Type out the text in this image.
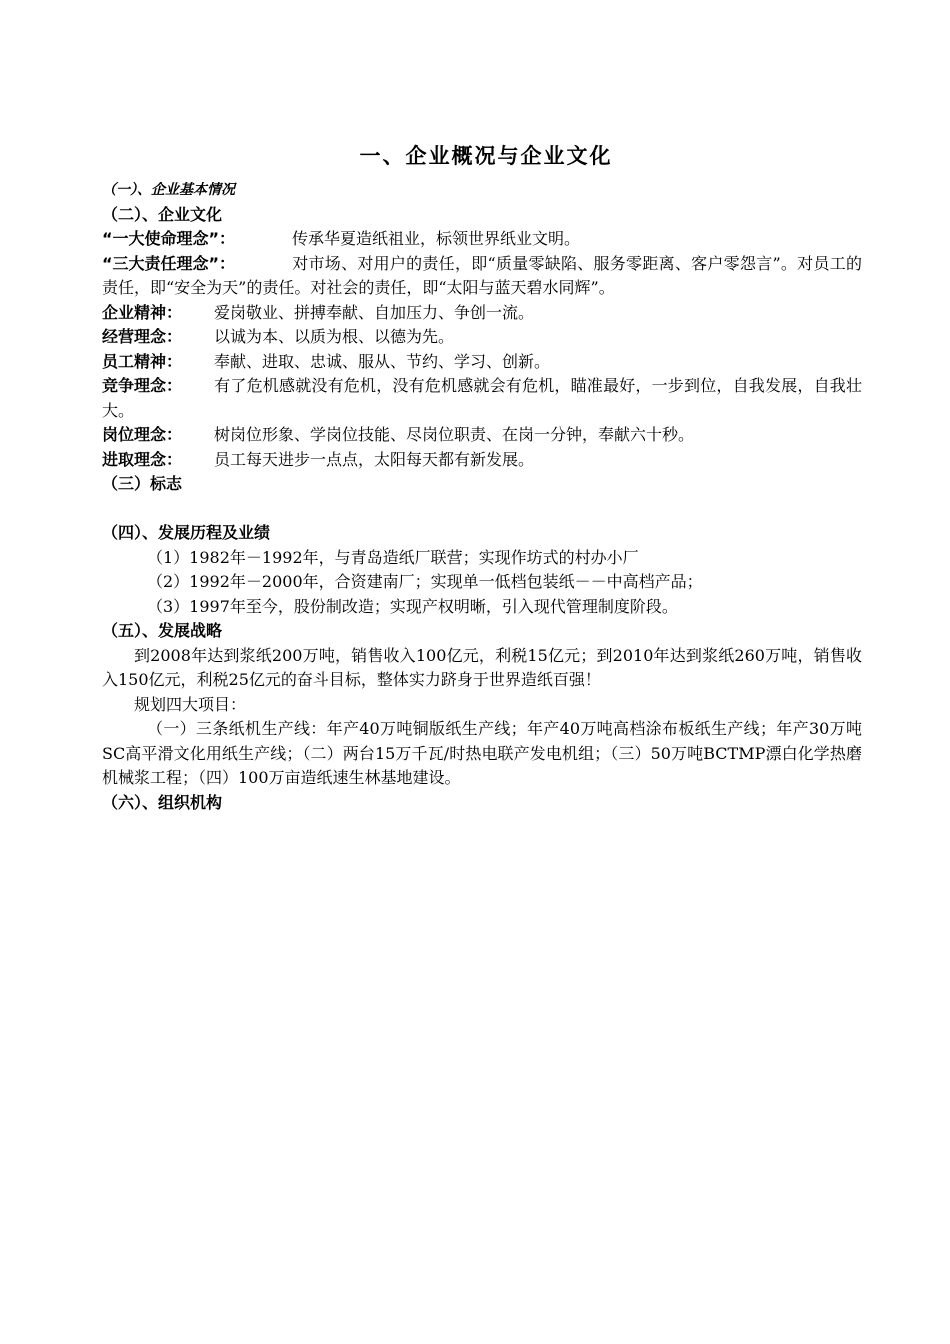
一、企业概况与企业文化
（一）、企业基本情况
（二）、企业文化
“一大使命理念”：	传承华夏造纸祖业，标领世界纸业文明。
“三大责任理念”：	对市场、对用户的责任，即“质量零缺陷、服务零距离、客户零怨言”。对员工的责任，即“安全为天”的责任。对社会的责任，即“太阳与蓝天碧水同辉”。
企业精神： 爱岗敬业、拼搏奉献、自加压力、争创一流。
经营理念： 以诚为本、以质为根、以德为先。
员工精神： 奉献、进取、忠诚、服从、节约、学习、创新。
竞争理念： 有了危机感就没有危机，没有危机感就会有危机，瞄准最好，一步到位，自我发展，自我壮大。
岗位理念： 树岗位形象、学岗位技能、尽岗位职责、在岗一分钟，奉献六十秒。
进取理念： 员工每天进步一点点，太阳每天都有新发展。
（三）标志
（四）、发展历程及业绩
（1）1982年－1992年，与青岛造纸厂联营；实现作坊式的村办小厂
（2）1992年－2000年，合资建南厂；实现单一低档包装纸－－中高档产品；
（3）1997年至今，股份制改造；实现产权明晰，引入现代管理制度阶段。
（五）、发展战略
到2008年达到浆纸200万吨，销售收入100亿元，利税15亿元；到2010年达到浆纸260万吨，销售收入150亿元，利税25亿元的奋斗目标，整体实力跻身于世界造纸百强！
规划四大项目：
（一）三条纸机生产线：年产40万吨铜版纸生产线；年产40万吨高档涂布板纸生产线；年产30万吨SC高平滑文化用纸生产线；（二）两台15万千瓦/时热电联产发电机组；（三）50万吨BCTMP漂白化学热磨机械浆工程；（四）100万亩造纸速生林基地建设。
（六）、组织机构
